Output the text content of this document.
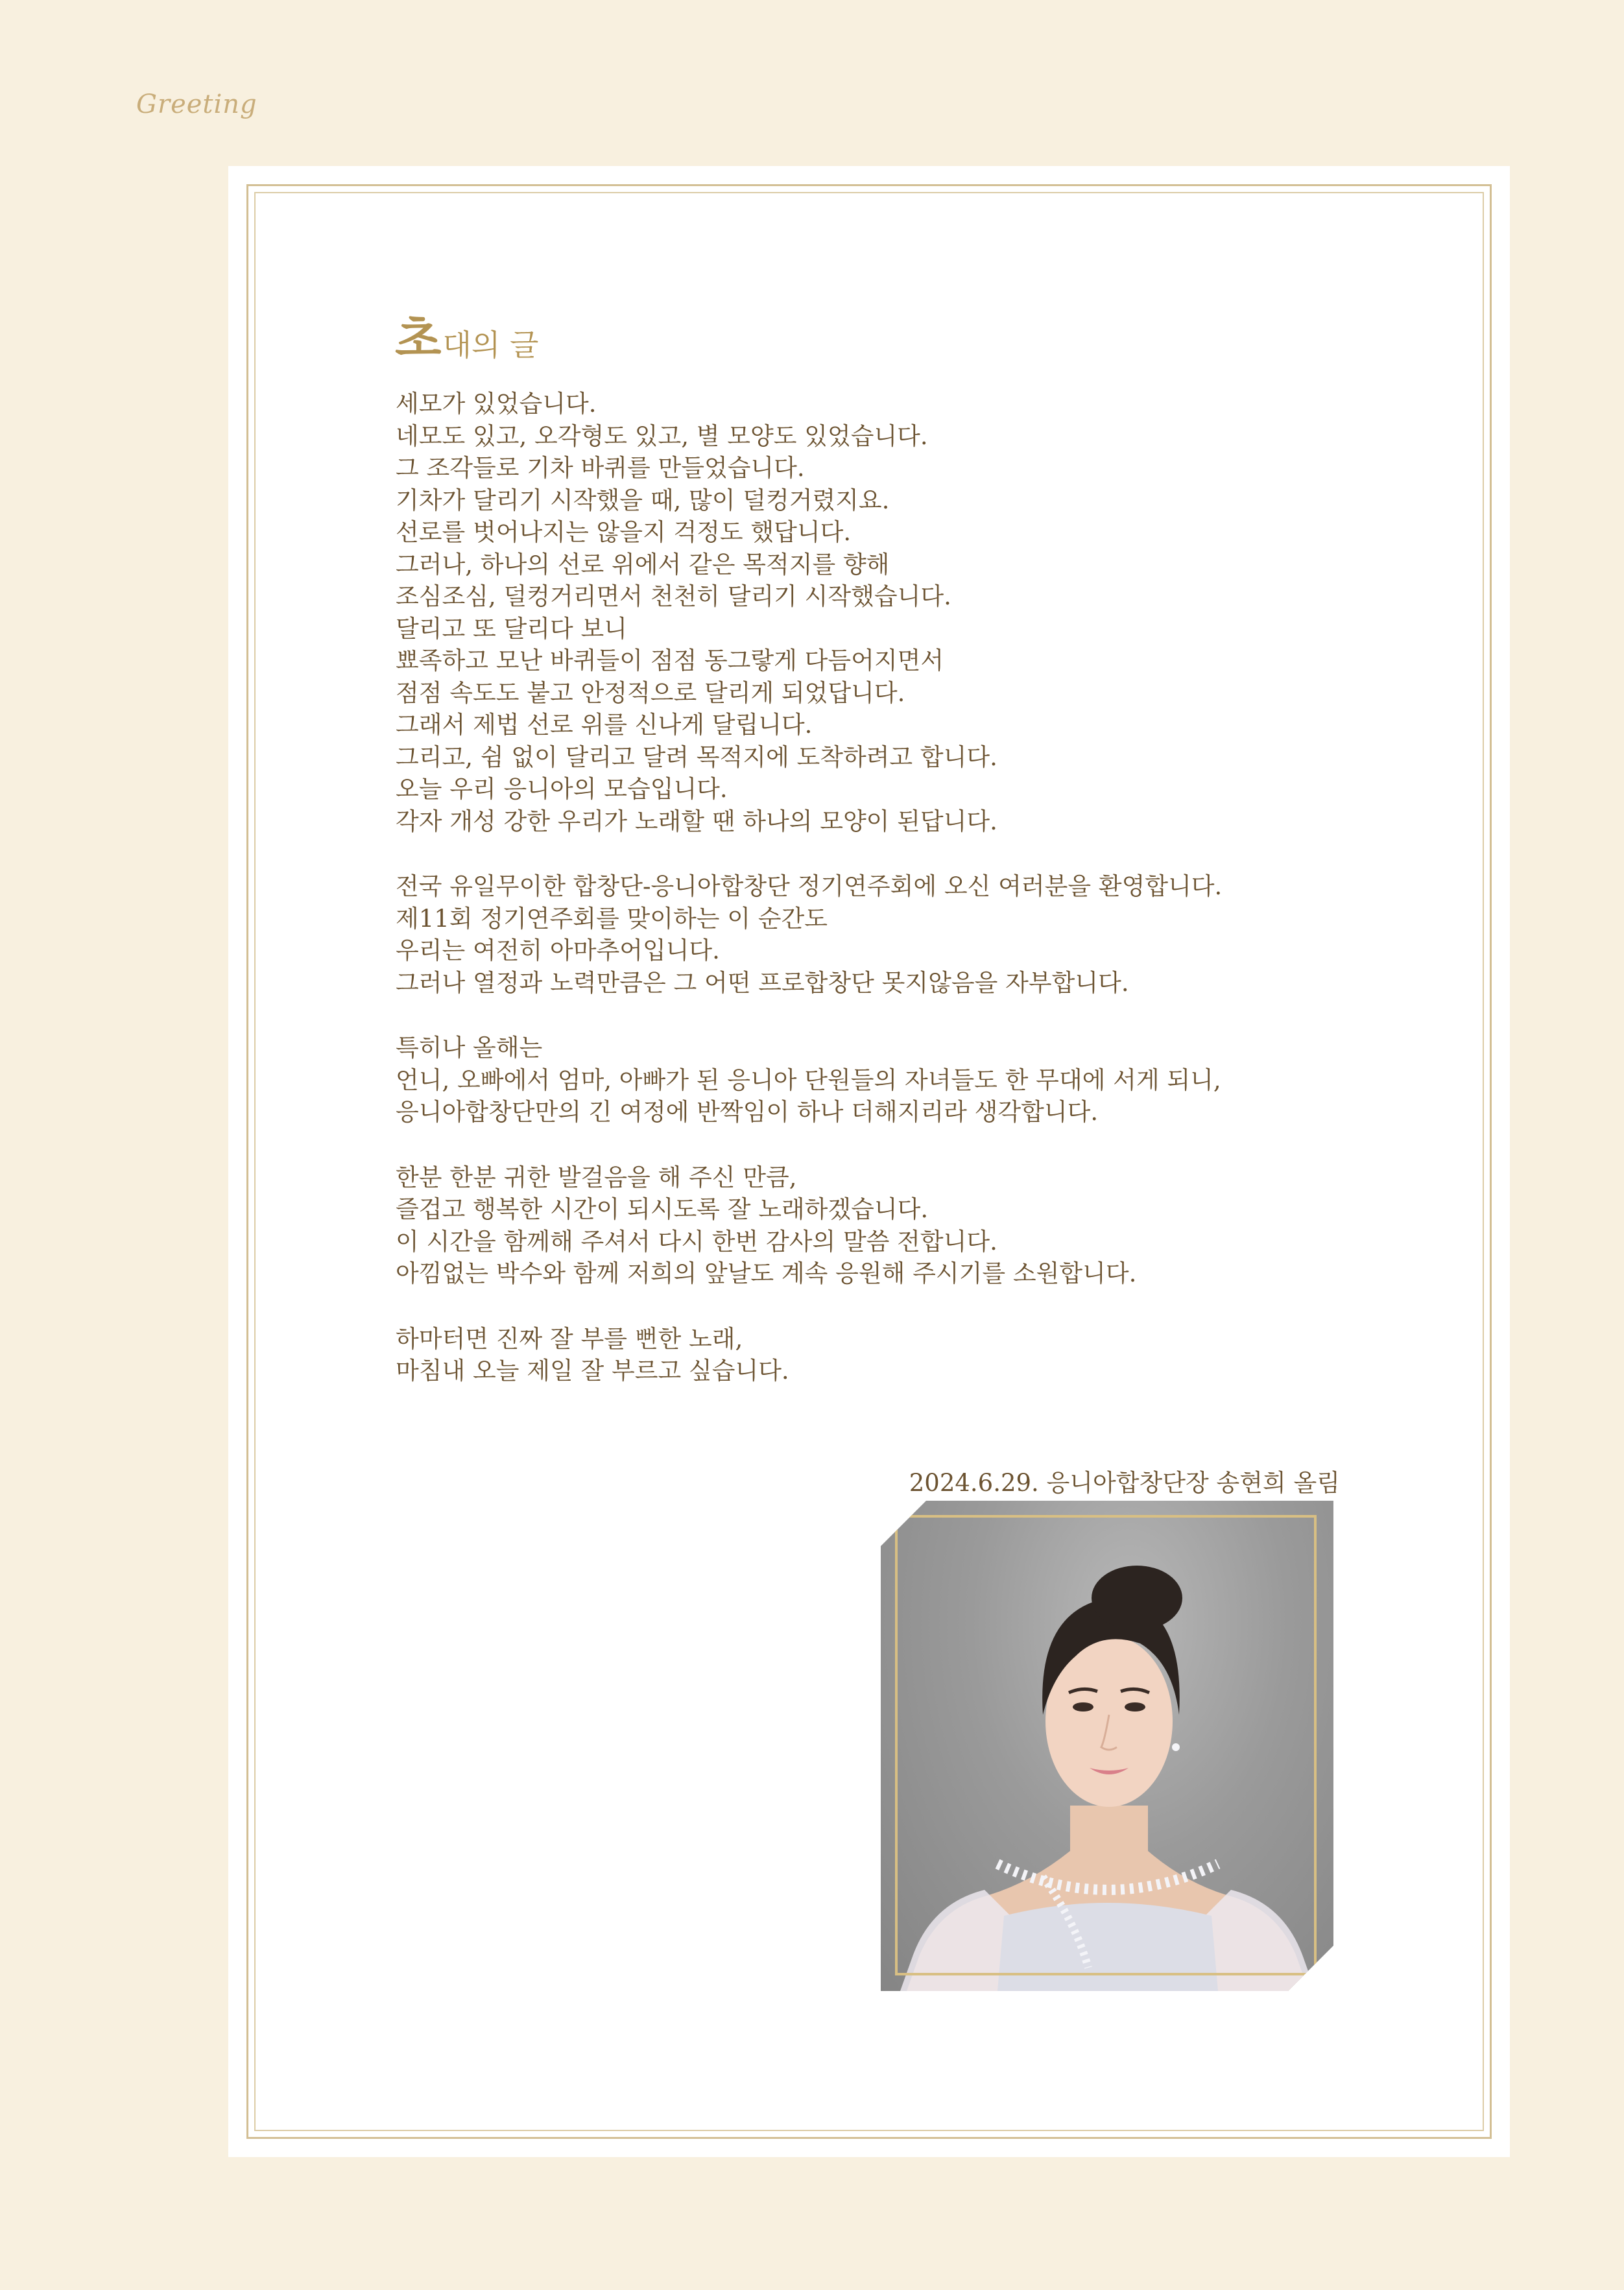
Greeting
초대의 글
세모가 있었습니다.
네모도 있고, 오각형도 있고, 별 모양도 있었습니다.
그 조각들로 기차 바퀴를 만들었습니다.
기차가 달리기 시작했을 때, 많이 덜컹거렸지요.
선로를 벗어나지는 않을지 걱정도 했답니다.
그러나, 하나의 선로 위에서 같은 목적지를 향해
조심조심, 덜컹거리면서 천천히 달리기 시작했습니다.
달리고 또 달리다 보니
뾰족하고 모난 바퀴들이 점점 동그랗게 다듬어지면서
점점 속도도 붙고 안정적으로 달리게 되었답니다.
그래서 제법 선로 위를 신나게 달립니다.
그리고, 쉼 없이 달리고 달려 목적지에 도착하려고 합니다.
오늘 우리 응니아의 모습입니다.
각자 개성 강한 우리가 노래할 땐 하나의 모양이 된답니다.
전국 유일무이한 합창단-응니아합창단 정기연주회에 오신 여러분을 환영합니다.
제11회 정기연주회를 맞이하는 이 순간도
우리는 여전히 아마추어입니다.
그러나 열정과 노력만큼은 그 어떤 프로합창단 못지않음을 자부합니다.
특히나 올해는
언니, 오빠에서 엄마, 아빠가 된 응니아 단원들의 자녀들도 한 무대에 서게 되니,
응니아합창단만의 긴 여정에 반짝임이 하나 더해지리라 생각합니다.
한분 한분 귀한 발걸음을 해 주신 만큼,
즐겁고 행복한 시간이 되시도록 잘 노래하겠습니다.
이 시간을 함께해 주셔서 다시 한번 감사의 말씀 전합니다.
아낌없는 박수와 함께 저희의 앞날도 계속 응원해 주시기를 소원합니다.
하마터면 진짜 잘 부를 뻔한 노래,
마침내 오늘 제일 잘 부르고 싶습니다.
2024.6.29. 응니아합창단장 송현희 올림
